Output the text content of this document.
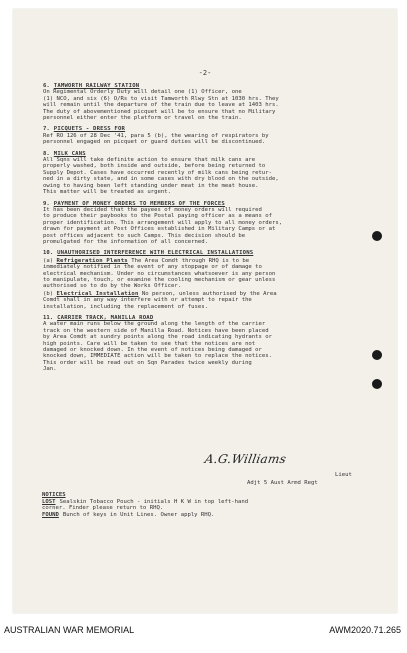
-2-
6. TAMWORTH RAILWAY STATION
On Regimental Orderly Duty will detail one (1) Officer, one
(1) NCO, and six (6) O/Rs to visit Tamworth Rlwy Stn at 1030 hrs. They
will remain until the departure of the train due to leave at 1403 hrs.
The duty of abovementioned picquet will be to ensure that no Military
personnel either enter the platform or travel on the train.
7. PICQUETS - DRESS FOR
Ref RO 126 of 28 Dec '41, para 5 (b), the wearing of respirators by
personnel engaged on picquet or guard duties will be discontinued.
8. MILK CANS
All Sqns will take definite action to ensure that milk cans are
properly washed, both inside and outside, before being returned to
Supply Depot. Cases have occurred recently of milk cans being retur-
ned in a dirty state, and in some cases with dry blood on the outside,
owing to having been left standing under meat in the meat house.
This matter will be treated as urgent.
9. PAYMENT OF MONEY ORDERS TO MEMBERS OF THE FORCES
It has been decided that the payees of money orders will required
to produce their paybooks to the Postal paying officer as a means of
proper identification. This arrangement will apply to all money orders,
drawn for payment at Post Offices established in Military Camps or at
post offices adjacent to such Camps. This decision should be
promulgated for the information of all concerned.
10. UNAUTHORISED INTERFERENCE WITH ELECTRICAL INSTALLATIONS
(a) Refrigeration Plants The Area Comdt through RHQ is to be
immediately notified in the event of any stoppage or of damage to
electrical mechanism. Under no circumstances whatsoever is any person
to manipulate, touch, or examine the cooling mechanism or gear unless
authorised so to do by the Works Officer.
(b) Electrical Installation No person, unless authorised by the Area
Comdt shall in any way interfere with or attempt to repair the
installation, including the replacement of fuses.
11. CARRIER TRACK, MANILLA ROAD
A water main runs below the ground along the length of the carrier
track on the western side of Manilla Road. Notices have been placed
by Area Comdt at sundry points along the road indicating hydrants or
high points. Care will be taken to see that the notices are not
damaged or knocked down. In the event of notices being damaged or
knocked down, IMMEDIATE action will be taken to replace the notices.
This order will be read out on Sqn Parades twice weekly during
Jan.
A.G.Williams
Lieut
Adjt 5 Aust Armd Regt
NOTICES
LOST Sealskin Tobacco Pouch - initials H K W in top left-hand
corner. Finder please return to RHQ.
FOUND Bunch of keys in Unit Lines. Owner apply RHQ.
AUSTRALIAN WAR MEMORIAL	AWM2020.71.265
